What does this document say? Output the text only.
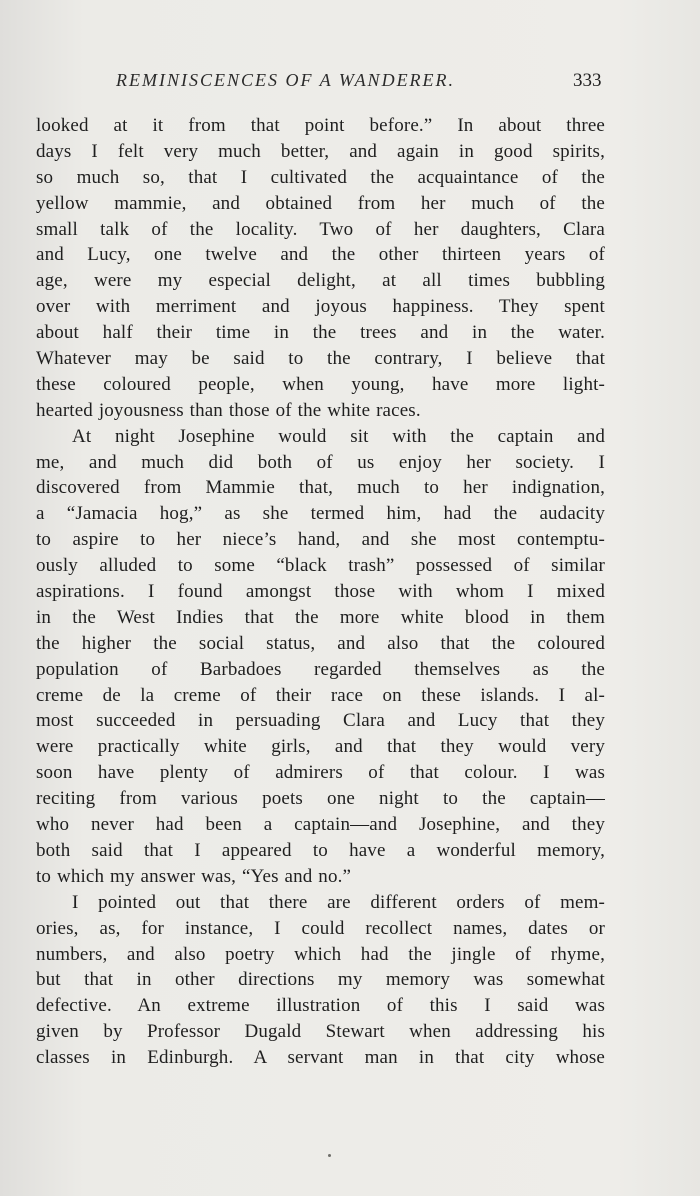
REMINISCENCES OF A WANDERER.	333
looked at it from that point before.” In about three
days I felt very much better, and again in good spirits,
so much so, that I cultivated the acquaintance of the
yellow mammie, and obtained from her much of the
small talk of the locality. Two of her daughters, Clara
and Lucy, one twelve and the other thirteen years of
age, were my especial delight, at all times bubbling
over with merriment and joyous happiness. They spent
about half their time in the trees and in the water.
Whatever may be said to the contrary, I believe that
these coloured people, when young, have more light-
hearted joyousness than those of the white races.
At night Josephine would sit with the captain and
me, and much did both of us enjoy her society. I
discovered from Mammie that, much to her indignation,
a “Jamacia hog,” as she termed him, had the audacity
to aspire to her niece’s hand, and she most contemptu-
ously alluded to some “black trash” possessed of similar
aspirations. I found amongst those with whom I mixed
in the West Indies that the more white blood in them
the higher the social status, and also that the coloured
population of Barbadoes regarded themselves as the
creme de la creme of their race on these islands. I al-
most succeeded in persuading Clara and Lucy that they
were practically white girls, and that they would very
soon have plenty of admirers of that colour. I was
reciting from various poets one night to the captain—
who never had been a captain—and Josephine, and they
both said that I appeared to have a wonderful memory,
to which my answer was, “Yes and no.”
I pointed out that there are different orders of mem-
ories, as, for instance, I could recollect names, dates or
numbers, and also poetry which had the jingle of rhyme,
but that in other directions my memory was somewhat
defective. An extreme illustration of this I said was
given by Professor Dugald Stewart when addressing his
classes in Edinburgh. A servant man in that city whose
